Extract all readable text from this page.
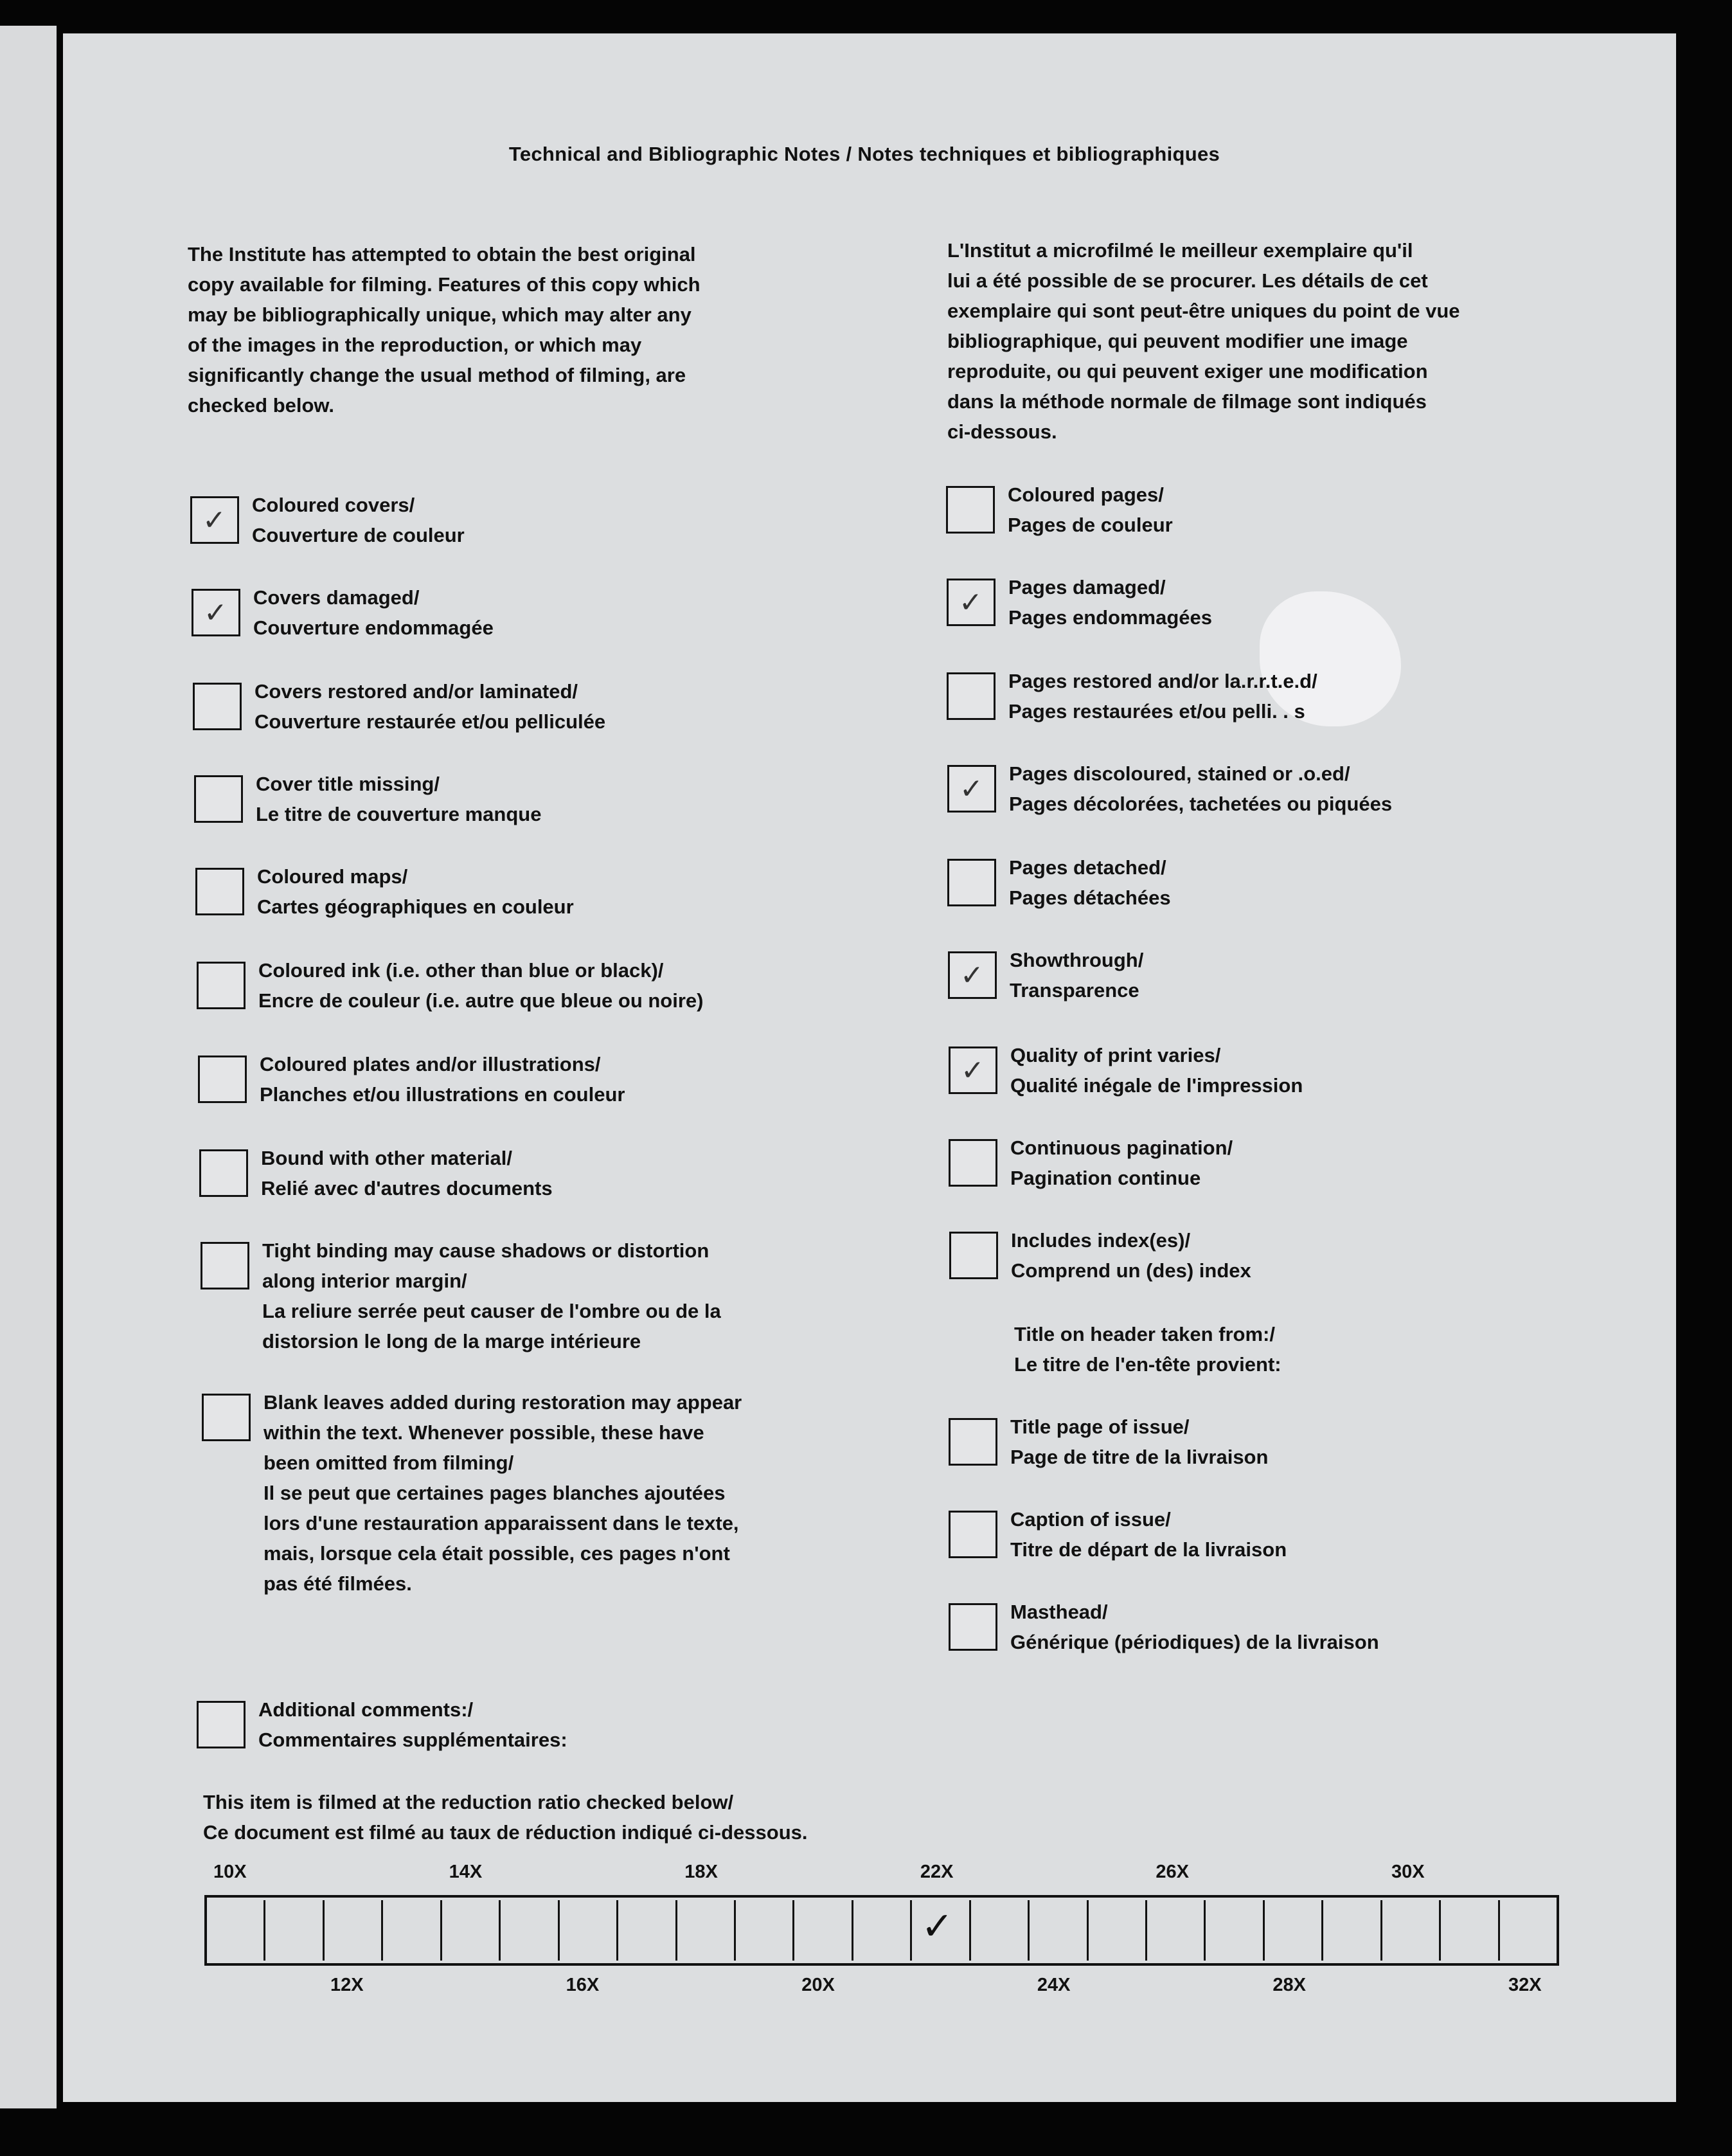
Technical and Bibliographic Notes / Notes techniques et bibliographiques
The Institute has attempted to obtain the best original
copy available for filming. Features of this copy which
may be bibliographically unique, which may alter any
of the images in the reproduction, or which may
significantly change the usual method of filming, are
checked below.
L'Institut a microfilmé le meilleur exemplaire qu'il
lui a été possible de se procurer. Les détails de cet
exemplaire qui sont peut-être uniques du point de vue
bibliographique, qui peuvent modifier une image
reproduite, ou qui peuvent exiger une modification
dans la méthode normale de filmage sont indiqués
ci-dessous.
✓ Coloured covers/
Couverture de couleur
✓ Covers damaged/
Couverture endommagée
Covers restored and/or laminated/
Couverture restaurée et/ou pelliculée
Cover title missing/
Le titre de couverture manque
Coloured maps/
Cartes géographiques en couleur
Coloured ink (i.e. other than blue or black)/
Encre de couleur (i.e. autre que bleue ou noire)
Coloured plates and/or illustrations/
Planches et/ou illustrations en couleur
Bound with other material/
Relié avec d'autres documents
Tight binding may cause shadows or distortion
along interior margin/
La reliure serrée peut causer de l'ombre ou de la
distorsion le long de la marge intérieure
Blank leaves added during restoration may appear
within the text. Whenever possible, these have
been omitted from filming/
Il se peut que certaines pages blanches ajoutées
lors d'une restauration apparaissent dans le texte,
mais, lorsque cela était possible, ces pages n'ont
pas été filmées.
Coloured pages/
Pages de couleur
✓ Pages damaged/
Pages endommagées
Pages restored and/or la.r.r.t.e.d/
Pages restaurées et/ou pelli. . s
✓ Pages discoloured, stained or .o.ed/
Pages décolorées, tachetées ou piquées
Pages detached/
Pages détachées
✓ Showthrough/
Transparence
✓ Quality of print varies/
Qualité inégale de l'impression
Continuous pagination/
Pagination continue
Includes index(es)/
Comprend un (des) index
Title page of issue/
Page de titre de la livraison
Caption of issue/
Titre de départ de la livraison
Masthead/
Générique (périodiques) de la livraison
Title on header taken from:/
Le titre de l'en-tête provient:
Additional comments:/
Commentaires supplémentaires:
This item is filmed at the reduction ratio checked below/
Ce document est filmé au taux de réduction indiqué ci-dessous.
10X	14X	18X	22X	26X	30X
✓
12X	16X	20X	24X	28X	32X
